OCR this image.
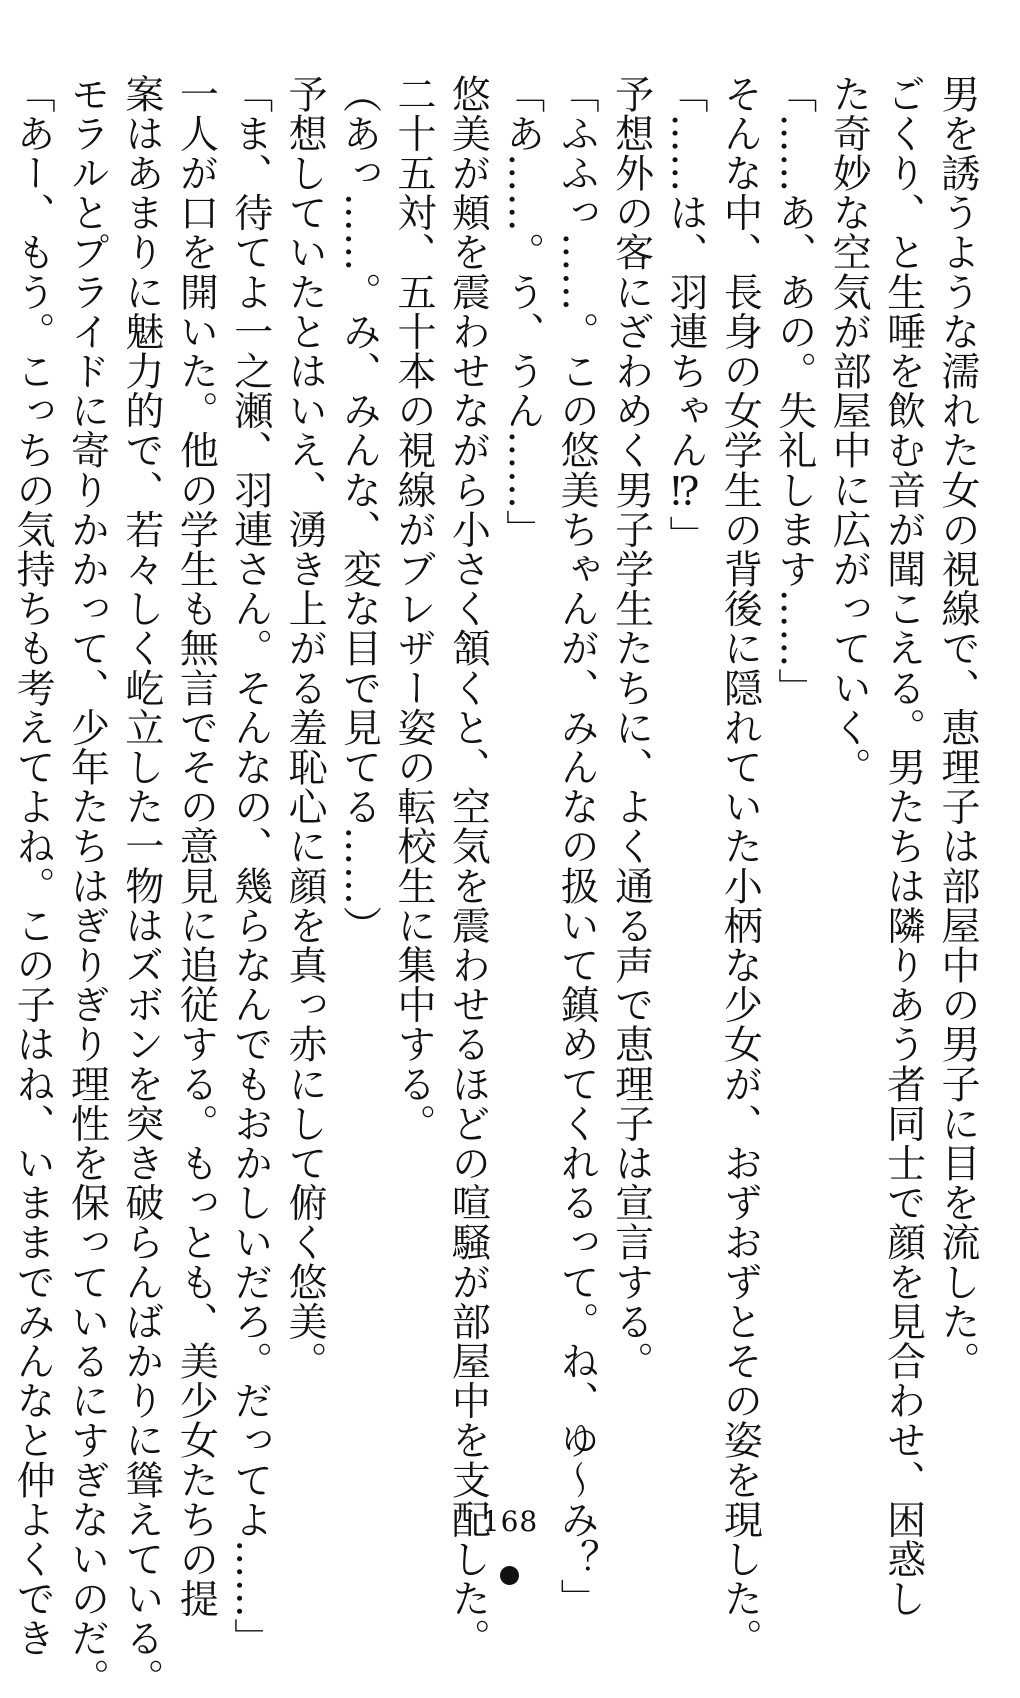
男を誘うような濡れた女の視線で、恵理子は部屋中の男子に目を流した。
ごくり、と生唾を飲む音が聞こえる。男たちは隣りあう者同士で顔を見合わせ、困惑し
た奇妙な空気が部屋中に広がっていく。
「……あ、あの。失礼します……」
そんな中、長身の女学生の背後に隠れていた小柄な少女が、おずおずとその姿を現した。
「……は、羽連ちゃん⁉」
予想外の客にざわめく男子学生たちに、よく通る声で恵理子は宣言する。
「ふふっ……。この悠美ちゃんが、みんなの扱いて鎮めてくれるって。ね、ゆ〜み？」
「あ……。う、うん……」
悠美が頬を震わせながら小さく頷くと、空気を震わせるほどの喧騒が部屋中を支配した。
二十五対、五十本の視線がブレザー姿の転校生に集中する。
（あっ……。み、みんな、変な目で見てる……）
予想していたとはいえ、湧き上がる羞恥心に顔を真っ赤にして俯く悠美。
「ま、待てよ一之瀬、羽連さん。そんなの、幾らなんでもおかしいだろ。だってよ……」
一人が口を開いた。他の学生も無言でその意見に追従する。もっとも、美少女たちの提
案はあまりに魅力的で、若々しく屹立した一物はズボンを突き破らんばかりに聳えている。
モラルとプライドに寄りかかって、少年たちはぎりぎり理性を保っているにすぎないのだ。
「あー、もう。こっちの気持ちも考えてよね。この子はね、いままでみんなと仲よくでき	168
